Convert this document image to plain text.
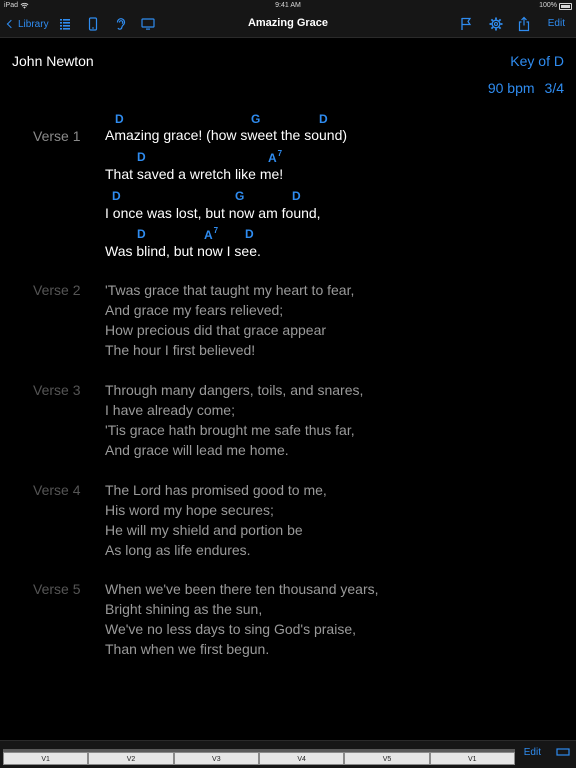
iPad	9:41 AM	100%
Library	Amazing Grace	Edit
John Newton	Key of D
90 bpm 3/4
Verse 1
D	G	D
Amazing grace! (how sweet the sound)
D	$A^7$
That saved a wretch like me!
D	G	D
I once was lost, but now am found,
D	$A^7$ D
Was blind, but now I see.
Verse 2 'Twas grace that taught my heart to fear,
And grace my fears relieved;
How precious did that grace appear
The hour I first believed!
Verse 3 Through many dangers, toils, and snares,
I have already come;
'Tis grace hath brought me safe thus far,
And grace will lead me home.
Verse 4 The Lord has promised good to me,
His word my hope secures;
He will my shield and portion be
As long as life endures.
Verse 5 When we've been there ten thousand years,
Bright shining as the sun,
We've no less days to sing God's praise,
Than when we first begun.
V1	V2	V3	V4	V5	V1
Edit
